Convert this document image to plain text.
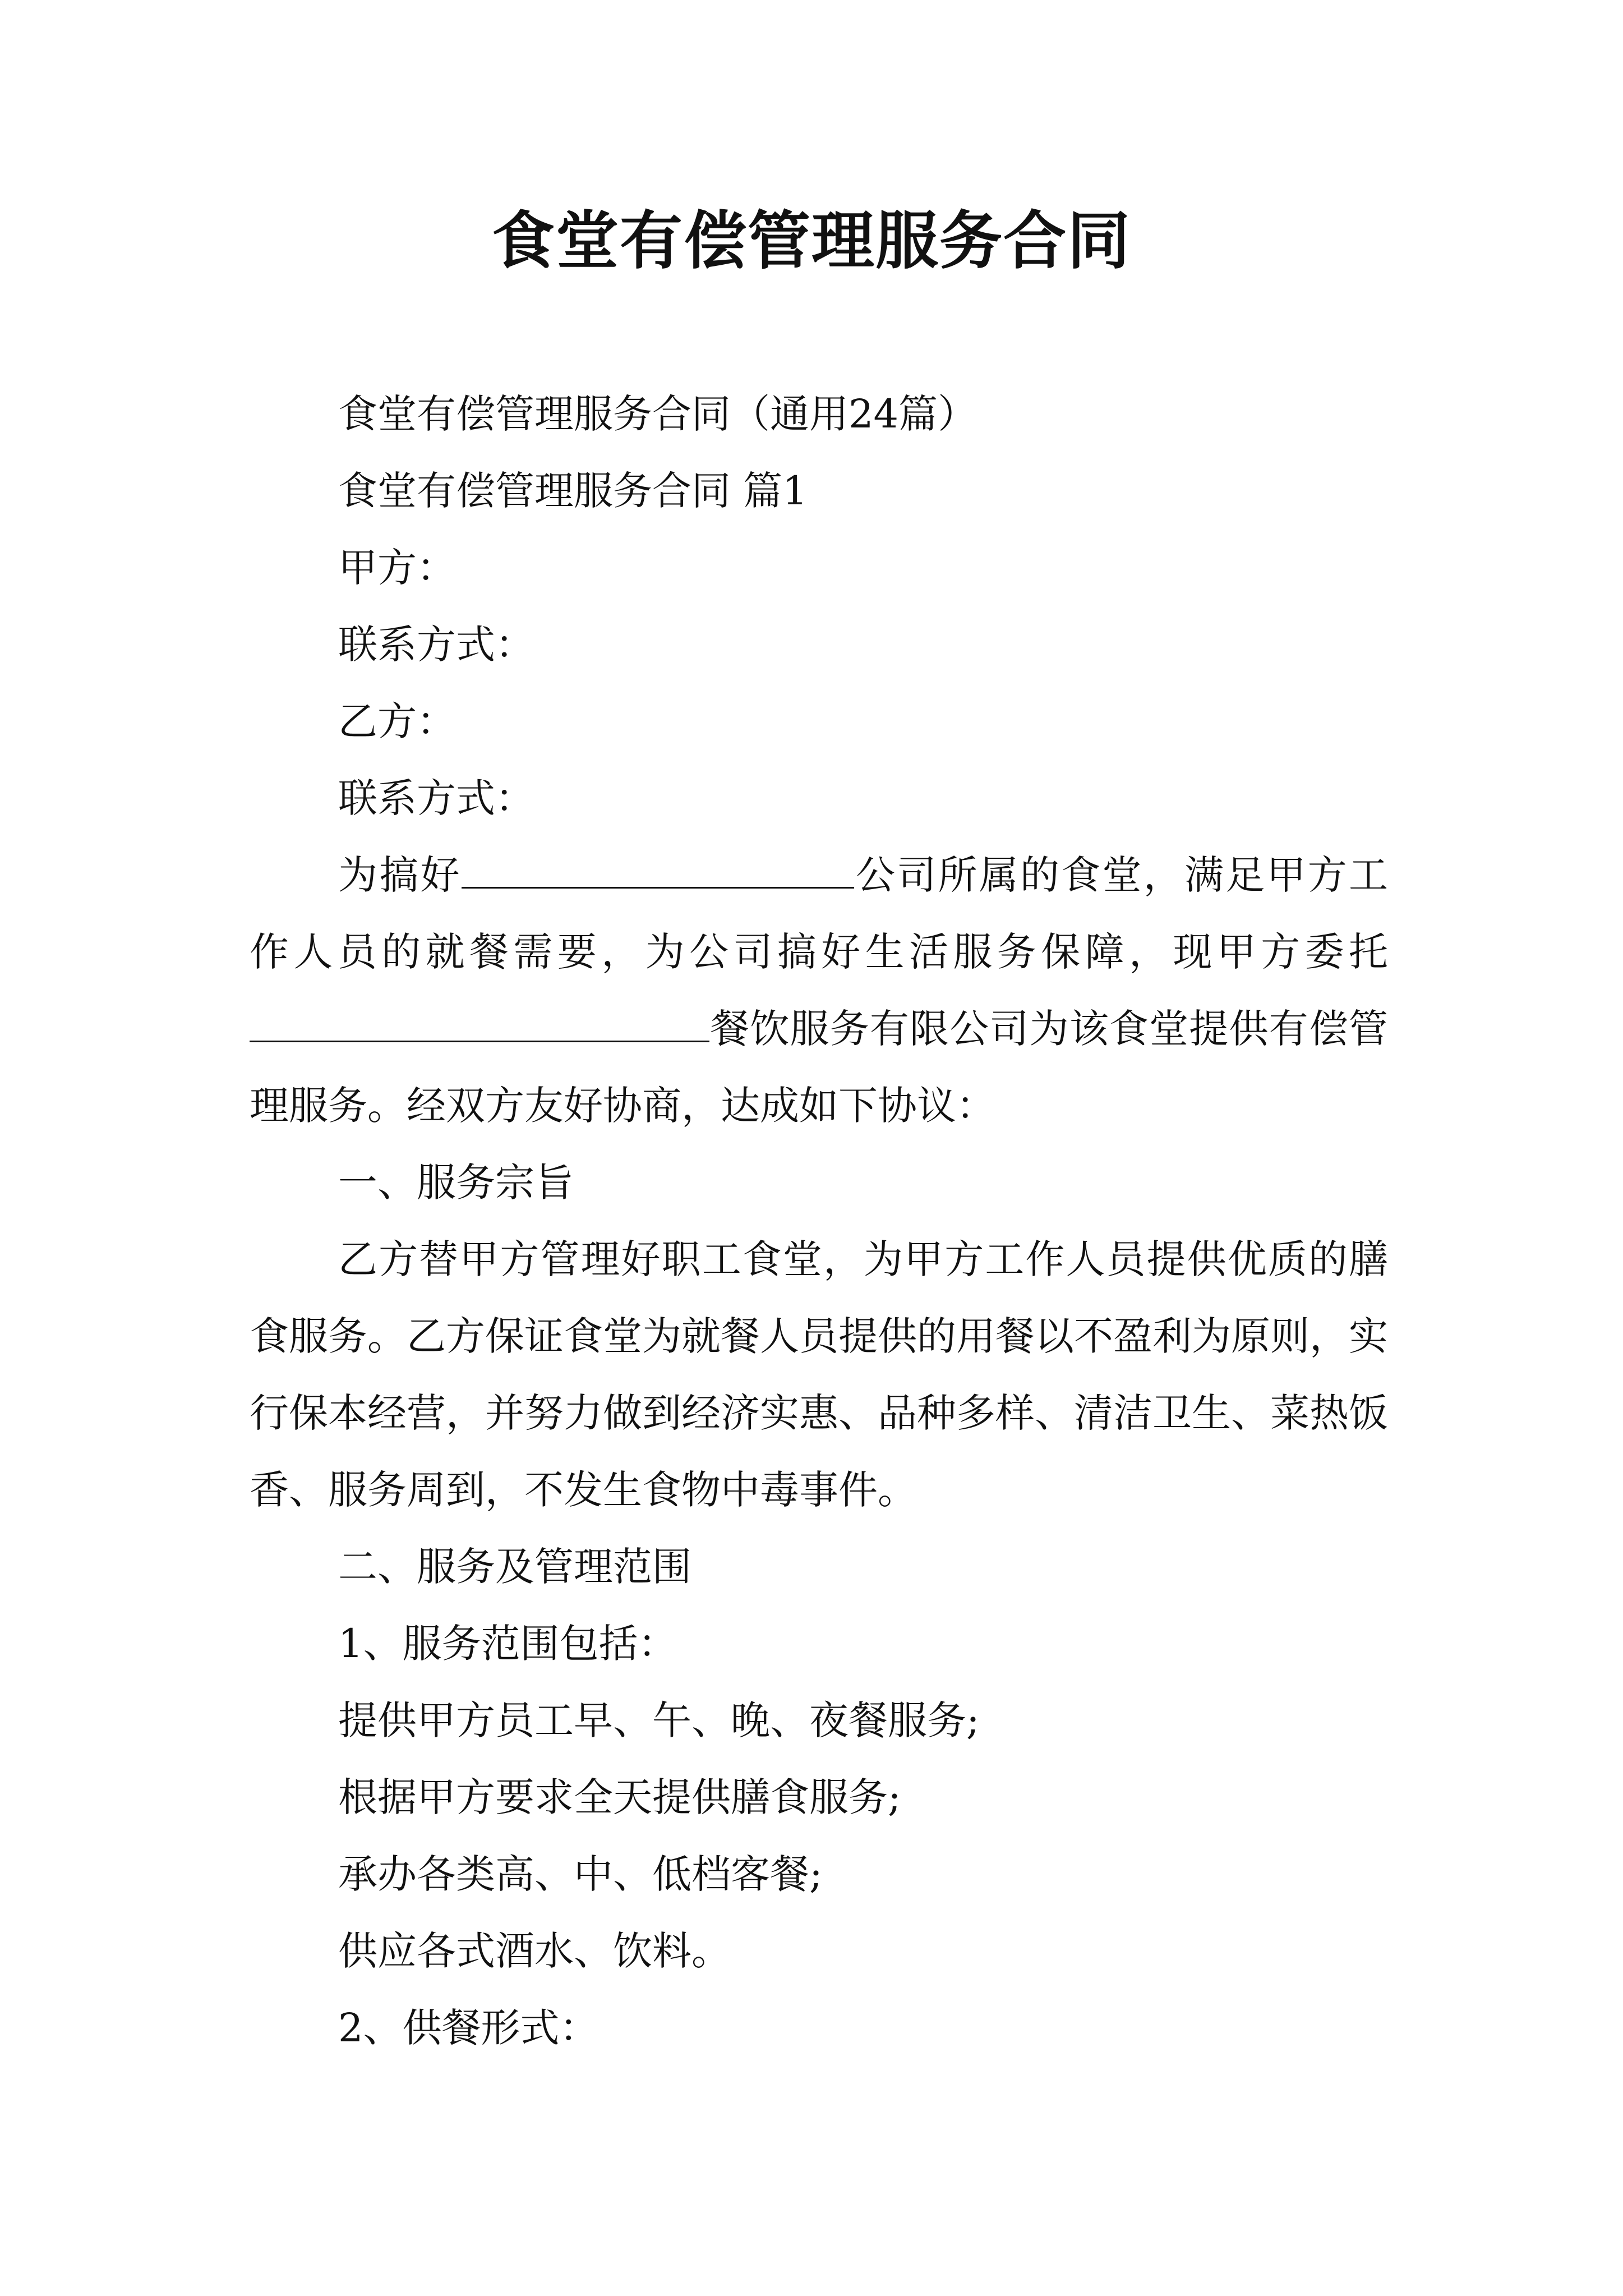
食堂有偿管理服务合同

食堂有偿管理服务合同（通用24篇）

食堂有偿管理服务合同 篇1

甲方：

联系方式：

乙方：

联系方式：

为搞好	公司所属的食堂，满足甲方工作人员的就餐需要，为公司搞好生活服务保障，现甲方委托餐饮服务有限公司为该食堂提供有偿管理服务。经双方友好协商，达成如下协议：

一、服务宗旨

乙方替甲方管理好职工食堂，为甲方工作人员提供优质的膳食服务。乙方保证食堂为就餐人员提供的用餐以不盈利为原则，实行保本经营，并努力做到经济实惠、品种多样、清洁卫生、菜热饭香、服务周到，不发生食物中毒事件。

二、服务及管理范围

1、服务范围包括：

提供甲方员工早、午、晚、夜餐服务;

根据甲方要求全天提供膳食服务;

承办各类高、中、低档客餐;

供应各式酒水、饮料。

2、供餐形式：
